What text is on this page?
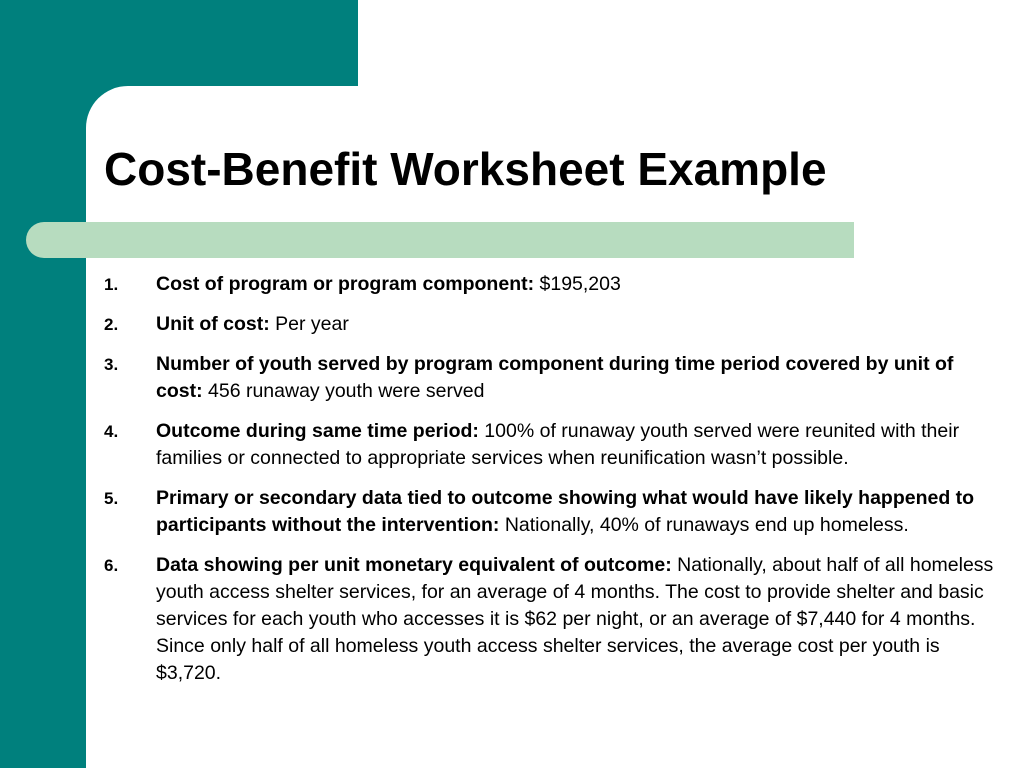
Cost-Benefit Worksheet Example
1. Cost of program or program component: $195,203
2. Unit of cost: Per year
3. Number of youth served by program component during time period covered by unit of cost: 456 runaway youth were served
4. Outcome during same time period: 100% of runaway youth served were reunited with their families or connected to appropriate services when reunification wasn’t possible.
5. Primary or secondary data tied to outcome showing what would have likely happened to participants without the intervention: Nationally, 40% of runaways end up homeless.
6. Data showing per unit monetary equivalent of outcome: Nationally, about half of all homeless youth access shelter services, for an average of 4 months. The cost to provide shelter and basic services for each youth who accesses it is $62 per night, or an average of $7,440 for 4 months. Since only half of all homeless youth access shelter services, the average cost per youth is $3,720.
